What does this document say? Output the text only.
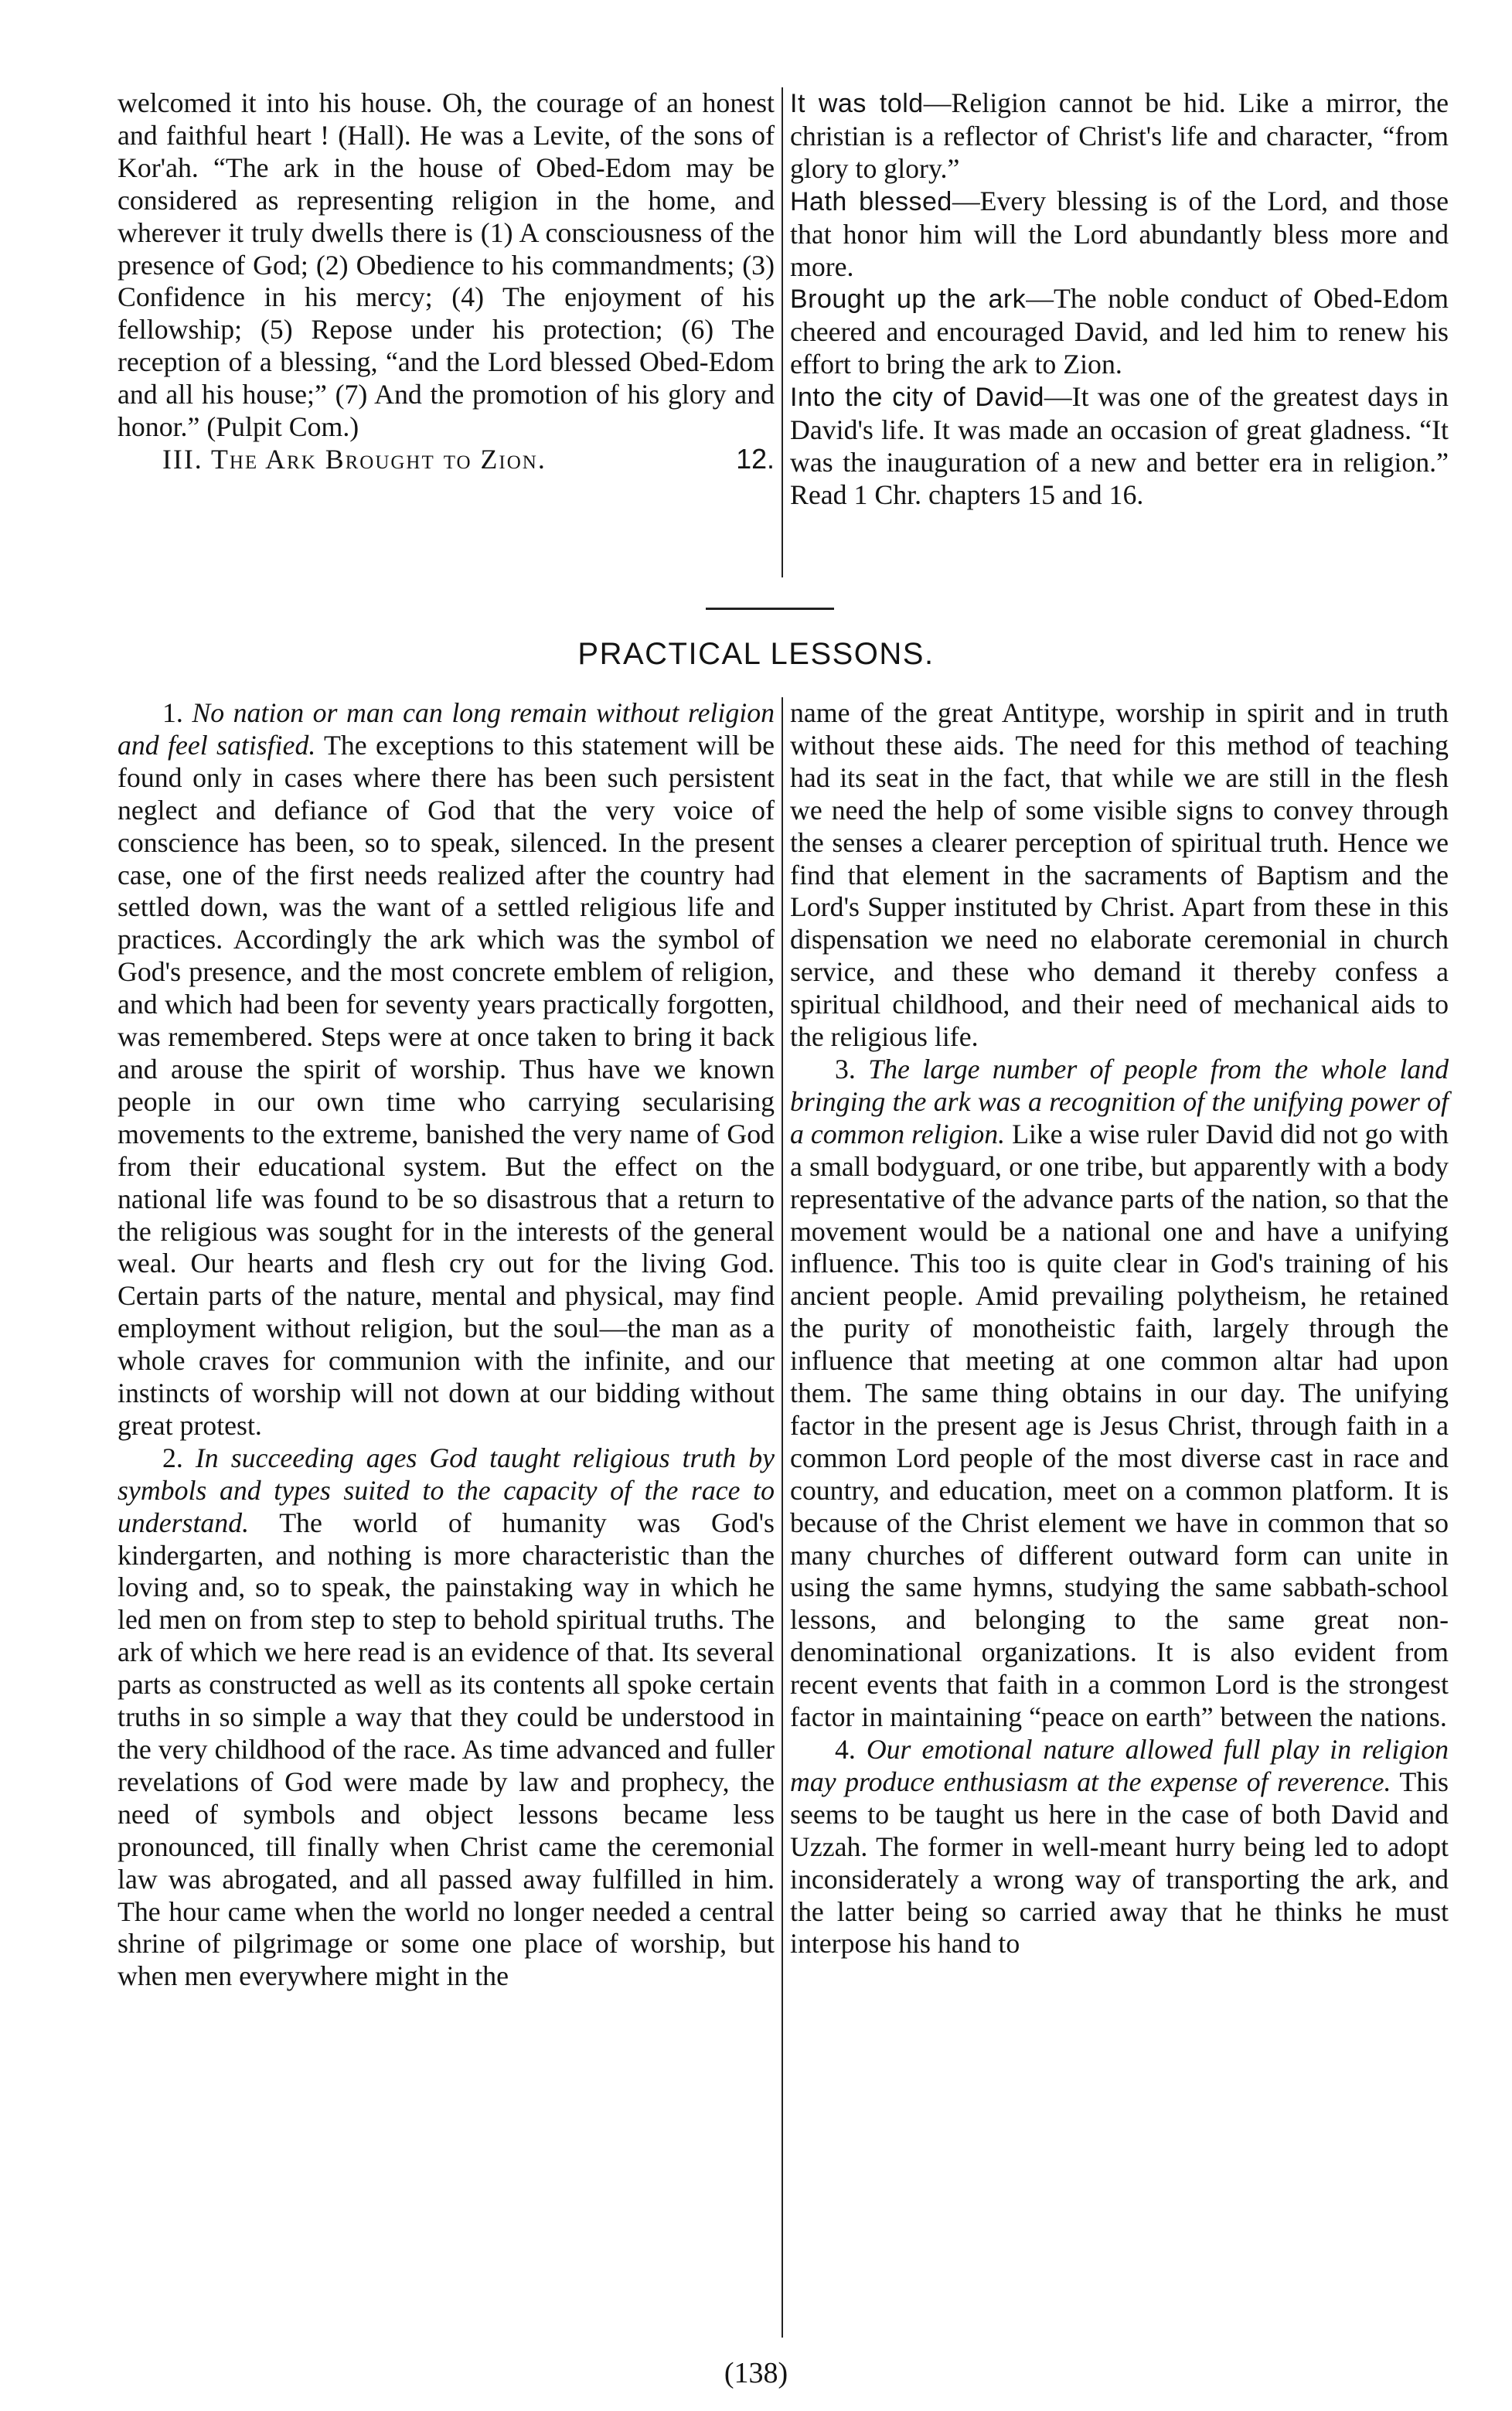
welcomed it into his house. Oh, the courage of an honest and faithful heart ! (Hall). He was a Levite, of the sons of Kor'ah. “The ark in the house of Obed-Edom may be considered as representing religion in the home, and wherever it truly dwells there is (1) A consciousness of the presence of God; (2) Obedience to his commandments; (3) Confidence in his mercy; (4) The enjoyment of his fellowship; (5) Repose under his protection; (6) The reception of a blessing, “and the Lord blessed Obed-Edom and all his house;” (7) And the promotion of his glory and honor.” (Pulpit Com.)

12.
III. The Ark Brought to Zion.

It was told—Religion cannot be hid. Like a mirror, the christian is a reflector of Christ's life and character, “from glory to glory.”

Hath blessed—Every blessing is of the Lord, and those that honor him will the Lord abundantly bless more and more.

Brought up the ark—The noble conduct of Obed-Edom cheered and encouraged David, and led him to renew his effort to bring the ark to Zion.

Into the city of David—It was one of the greatest days in David's life. It was made an occasion of great gladness. “It was the inauguration of a new and better era in religion.” Read 1 Chr. chapters 15 and 16.

PRACTICAL LESSONS.

1. No nation or man can long remain without religion and feel satisfied. The exceptions to this statement will be found only in cases where there has been such persistent neglect and defiance of God that the very voice of conscience has been, so to speak, silenced. In the present case, one of the first needs realized after the country had settled down, was the want of a settled religious life and practices. Accordingly the ark which was the symbol of God's presence, and the most concrete emblem of religion, and which had been for seventy years practically forgotten, was remembered. Steps were at once taken to bring it back and arouse the spirit of worship. Thus have we known people in our own time who carrying secularising movements to the extreme, banished the very name of God from their educational system. But the effect on the national life was found to be so disastrous that a return to the religious was sought for in the interests of the general weal. Our hearts and flesh cry out for the living God. Certain parts of the nature, mental and physical, may find employment without religion, but the soul—the man as a whole craves for communion with the infinite, and our instincts of worship will not down at our bidding without great protest.

2. In succeeding ages God taught religious truth by symbols and types suited to the capacity of the race to understand. The world of humanity was God's kindergarten, and nothing is more characteristic than the loving and, so to speak, the painstaking way in which he led men on from step to step to behold spiritual truths. The ark of which we here read is an evidence of that. Its several parts as constructed as well as its contents all spoke certain truths in so simple a way that they could be understood in the very childhood of the race. As time advanced and fuller revelations of God were made by law and prophecy, the need of symbols and object lessons became less pronounced, till finally when Christ came the ceremonial law was abrogated, and all passed away fulfilled in him. The hour came when the world no longer needed a central shrine of pilgrimage or some one place of worship, but when men everywhere might in the

name of the great Antitype, worship in spirit and in truth without these aids. The need for this method of teaching had its seat in the fact, that while we are still in the flesh we need the help of some visible signs to convey through the senses a clearer perception of spiritual truth. Hence we find that element in the sacraments of Baptism and the Lord's Supper instituted by Christ. Apart from these in this dispensation we need no elaborate ceremonial in church service, and these who demand it thereby confess a spiritual childhood, and their need of mechanical aids to the religious life.

3. The large number of people from the whole land bringing the ark was a recognition of the unifying power of a common religion. Like a wise ruler David did not go with a small bodyguard, or one tribe, but apparently with a body representative of the advance parts of the nation, so that the movement would be a national one and have a unifying influence. This too is quite clear in God's training of his ancient people. Amid prevailing polytheism, he retained the purity of monotheistic faith, largely through the influence that meeting at one common altar had upon them. The same thing obtains in our day. The unifying factor in the present age is Jesus Christ, through faith in a common Lord people of the most diverse cast in race and country, and education, meet on a common platform. It is because of the Christ element we have in common that so many churches of different outward form can unite in using the same hymns, studying the same sabbath-school lessons, and belonging to the same great non-denominational organizations. It is also evident from recent events that faith in a common Lord is the strongest factor in maintaining “peace on earth” between the nations.

4. Our emotional nature allowed full play in religion may produce enthusiasm at the expense of reverence. This seems to be taught us here in the case of both David and Uzzah. The former in well-meant hurry being led to adopt inconsiderately a wrong way of transporting the ark, and the latter being so carried away that he thinks he must interpose his hand to

(138)
